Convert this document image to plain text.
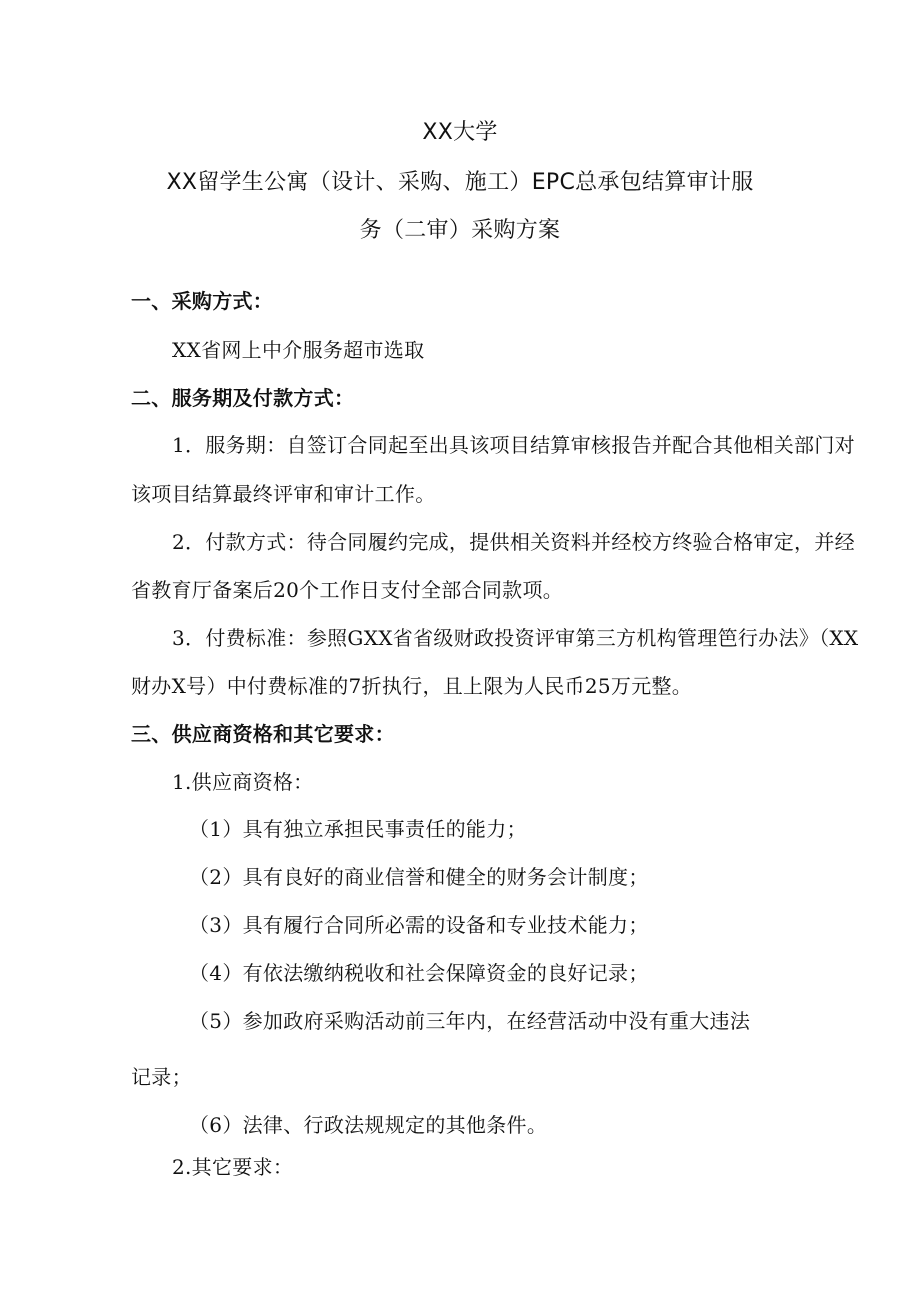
XX大学
XX留学生公寓（设计、采购、施工）EPC总承包结算审计服
务（二审）采购方案
一、采购方式：
XX省网上中介服务超市选取
二、服务期及付款方式：
1．服务期：自签订合同起至出具该项目结算审核报告并配合其他相关部门对
该项目结算最终评审和审计工作。
2．付款方式：待合同履约完成，提供相关资料并经校方终验合格审定，并经
省教育厅备案后20个工作日支付全部合同款项。
3．付费标准：参照GXX省省级财政投资评审第三方机构管理笆行办法》（XX
财办X号）中付费标准的7折执行，且上限为人民币25万元整。
三、供应商资格和其它要求：
1.供应商资格：
（1）具有独立承担民事责任的能力；
（2）具有良好的商业信誉和健全的财务会计制度；
（3）具有履行合同所必需的设备和专业技术能力；
（4）有依法缴纳税收和社会保障资金的良好记录；
（5）参加政府采购活动前三年内，在经营活动中没有重大违法
记录；
（6）法律、行政法规规定的其他条件。
2.其它要求：
